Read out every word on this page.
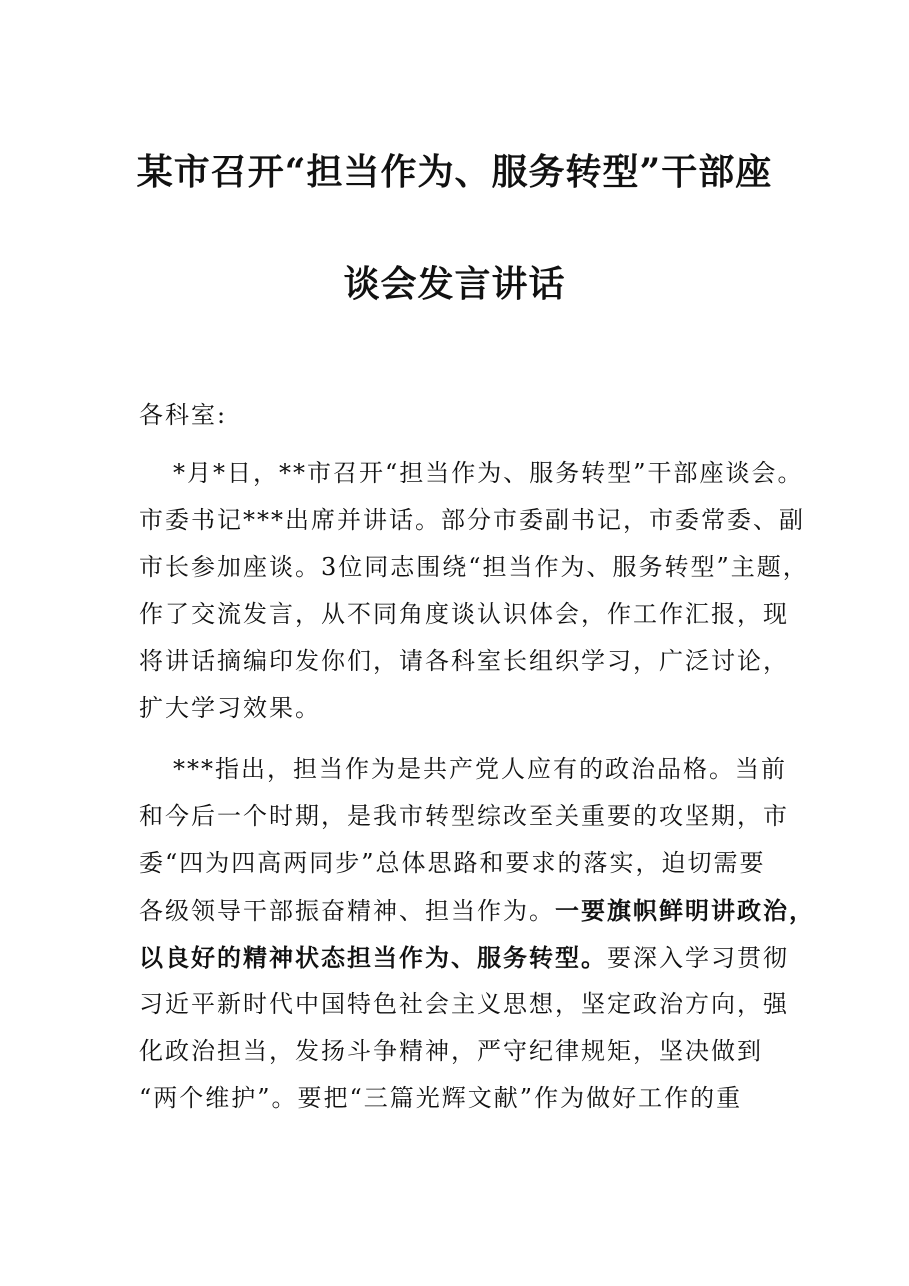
某市召开“担当作为、服务转型”干部座
谈会发言讲话
各科室:
*月*日，**市召开“担当作为、服务转型”干部座谈会。
市委书记***出席并讲话。部分市委副书记，市委常委、副
市长参加座谈。3位同志围绕“担当作为、服务转型”主题，
作了交流发言，从不同角度谈认识体会，作工作汇报，现
将讲话摘编印发你们，请各科室长组织学习，广泛讨论，
扩大学习效果。
***指出，担当作为是共产党人应有的政治品格。当前
和今后一个时期，是我市转型综改至关重要的攻坚期，市
委“四为四高两同步”总体思路和要求的落实，迫切需要
各级领导干部振奋精神、担当作为。一要旗帜鲜明讲政治，
以良好的精神状态担当作为、服务转型。要深入学习贯彻
习近平新时代中国特色社会主义思想，坚定政治方向，强
化政治担当，发扬斗争精神，严守纪律规矩，坚决做到
“两个维护”。要把“三篇光辉文献”作为做好工作的重
